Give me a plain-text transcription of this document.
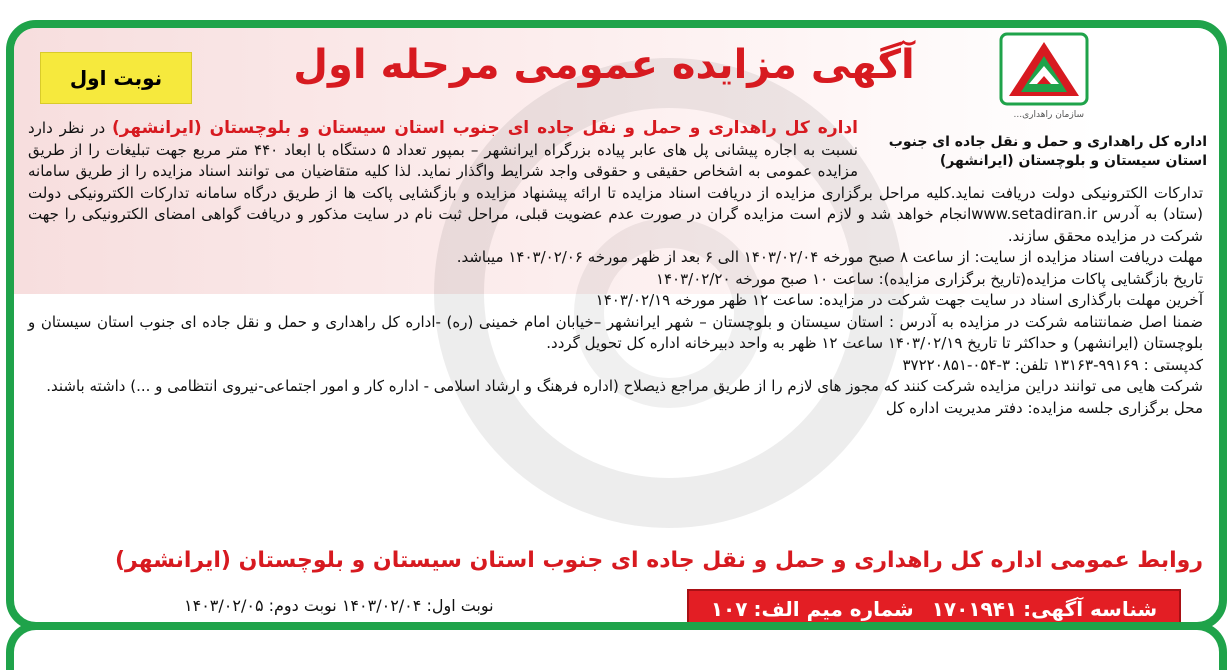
...سازمان راهداری
اداره کل راهداری و حمل و نقل جاده ای جنوب
استان سیستان و بلوچستان (ایرانشهر)
نوبت اول	آگهی مزایده عمومی مرحله اول

اداره کل راهداری و حمل و نقل جاده ای جنوب استان سیستان و بلوچستان (ایرانشهر) در نظر دارد نسبت به اجاره پیشانی پل های عابر پیاده بزرگراه ایرانشهر – بمپور تعداد ۵ دستگاه با ابعاد ۴۴۰ متر مربع جهت تبلیغات را از طریق مزایده عمومی به اشخاص حقیقی و حقوقی واجد شرایط واگذار نماید. لذا کلیه متقاضیان می توانند اسناد مزایده را از طریق سامانه تدارکات الکترونیکی دولت دریافت نماید.کلیه مراحل برگزاری مزایده از دریافت اسناد مزایده تا ارائه پیشنهاد مزایده و بازگشایی پاکت ها از طریق درگاه سامانه تدارکات الکترونیکی دولت (ستاد) به آدرس www.setadiran.irانجام خواهد شد و لازم است مزایده گران در صورت عدم عضویت قبلی، مراحل ثبت نام در سایت مذکور و دریافت گواهی امضای الکترونیکی را جهت شرکت در مزایده محقق سازند.

مهلت دریافت اسناد مزایده از سایت: از ساعت ۸ صبح مورخه ۱۴۰۳/۰۲/۰۴ الی ۶ بعد از ظهر مورخه ۱۴۰۳/۰۲/۰۶ میباشد.

تاریخ بازگشایی پاکات مزایده(تاریخ برگزاری مزایده): ساعت ۱۰ صبح مورخه ۱۴۰۳/۰۲/۲۰

آخرین مهلت بارگذاری اسناد در سایت جهت شرکت در مزایده: ساعت ۱۲ ظهر مورخه ۱۴۰۳/۰۲/۱۹

ضمنا اصل ضمانتنامه شرکت در مزایده به آدرس : استان سیستان و بلوچستان – شهر ایرانشهر –خیابان امام خمینی (ره) -اداره کل راهداری و حمل و نقل جاده ای جنوب استان سیستان و بلوچستان (ایرانشهر) و حداکثر تا تاریخ ۱۴۰۳/۰۲/۱۹ ساعت ۱۲ ظهر به واحد دبیرخانه اداره کل تحویل گردد.

کدپستی : ۹۹۱۶۹-۱۳۱۶۳ تلفن: ۳-۰۵۴-۳۷۲۲۰۸۵۱

شرکت هایی می توانند دراین مزایده شرکت کنند که مجوز های لازم را از طریق مراجع ذیصلاح (اداره فرهنگ و ارشاد اسلامی - اداره کار و امور اجتماعی-نیروی انتظامی و ...) داشته باشند.

محل برگزاری جلسه مزایده: دفتر مدیریت اداره کل

روابط عمومی اداره کل راهداری و حمل و نقل جاده ای جنوب استان سیستان و بلوچستان (ایرانشهر)
نوبت اول: ۱۴۰۳/۰۲/۰۴ نوبت دوم: ۱۴۰۳/۰۲/۰۵	شناسه آگهی:
۱۷۰۱۹۴۱
شماره میم الف:
۱۰۷
